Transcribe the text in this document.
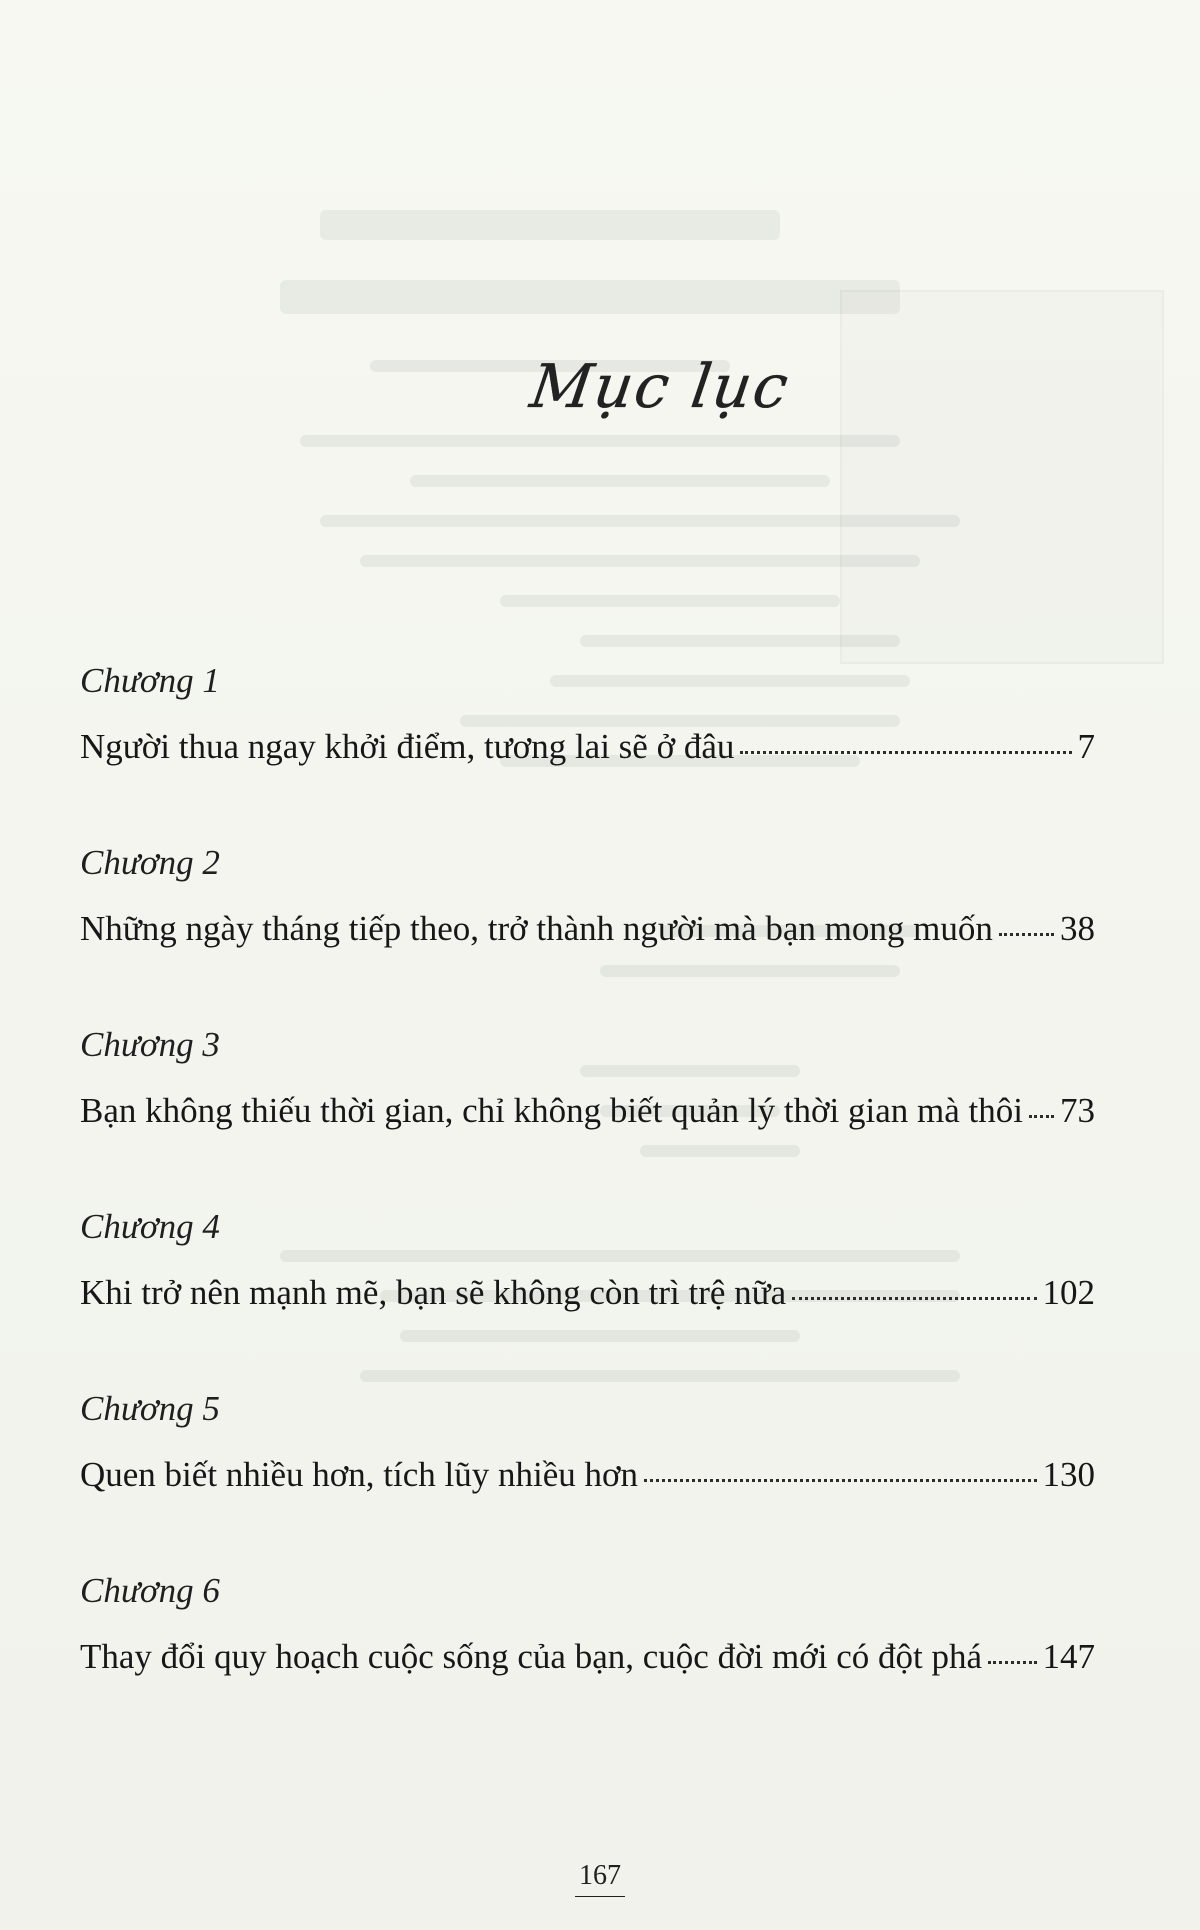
Mục lục

Chương 1

Người thua ngay khởi điểm, tương lai sẽ ở đâu	7

Chương 2

Những ngày tháng tiếp theo, trở thành người mà bạn mong muốn 38

Chương 3

Bạn không thiếu thời gian, chỉ không biết quản lý thời gian mà thôi 73

Chương 4

Khi trở nên mạnh mẽ, bạn sẽ không còn trì trệ nữa	102

Chương 5

Quen biết nhiều hơn, tích lũy nhiều hơn	130

Chương 6

Thay đổi quy hoạch cuộc sống của bạn, cuộc đời mới có đột phá 147
167
